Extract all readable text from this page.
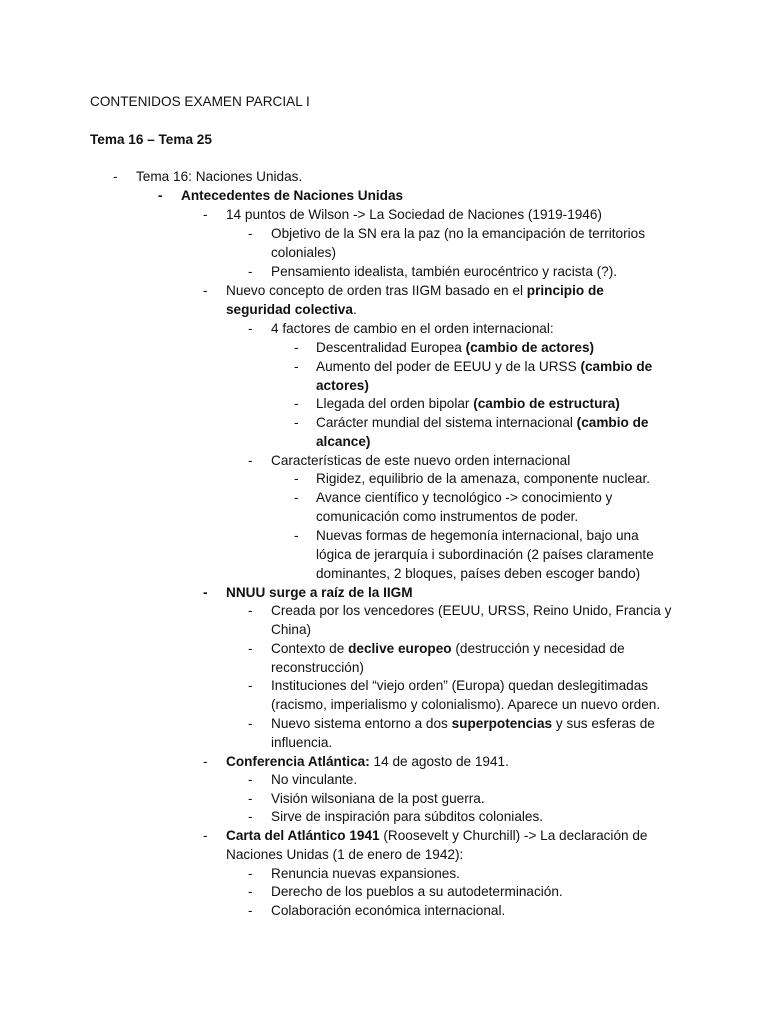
CONTENIDOS EXAMEN PARCIAL I
Tema 16 – Tema 25
- Tema 16: Naciones Unidas.
- Antecedentes de Naciones Unidas
- 14 puntos de Wilson -> La Sociedad de Naciones (1919-1946)
- Objetivo de la SN era la paz (no la emancipación de territorios
coloniales)
- Pensamiento idealista, también eurocéntrico y racista (?).
- Nuevo concepto de orden tras IIGM basado en el principio de
seguridad colectiva.
- 4 factores de cambio en el orden internacional:
- Descentralidad Europea (cambio de actores)
- Aumento del poder de EEUU y de la URSS (cambio de
actores)
- Llegada del orden bipolar (cambio de estructura)
- Carácter mundial del sistema internacional (cambio de
alcance)
- Características de este nuevo orden internacional
- Rigidez, equilibrio de la amenaza, componente nuclear.
- Avance científico y tecnológico -> conocimiento y
comunicación como instrumentos de poder.
- Nuevas formas de hegemonía internacional, bajo una
lógica de jerarquía i subordinación (2 países claramente
dominantes, 2 bloques, países deben escoger bando)
- NNUU surge a raíz de la IIGM
- Creada por los vencedores (EEUU, URSS, Reino Unido, Francia y
China)
- Contexto de declive europeo (destrucción y necesidad de
reconstrucción)
- Instituciones del “viejo orden” (Europa) quedan deslegitimadas
(racismo, imperialismo y colonialismo). Aparece un nuevo orden.
- Nuevo sistema entorno a dos superpotencias y sus esferas de
influencia.
- Conferencia Atlántica: 14 de agosto de 1941.
- No vinculante.
- Visión wilsoniana de la post guerra.
- Sirve de inspiración para súbditos coloniales.
- Carta del Atlántico 1941 (Roosevelt y Churchill) -> La declaración de
Naciones Unidas (1 de enero de 1942):
- Renuncia nuevas expansiones.
- Derecho de los pueblos a su autodeterminación.
- Colaboración económica internacional.
